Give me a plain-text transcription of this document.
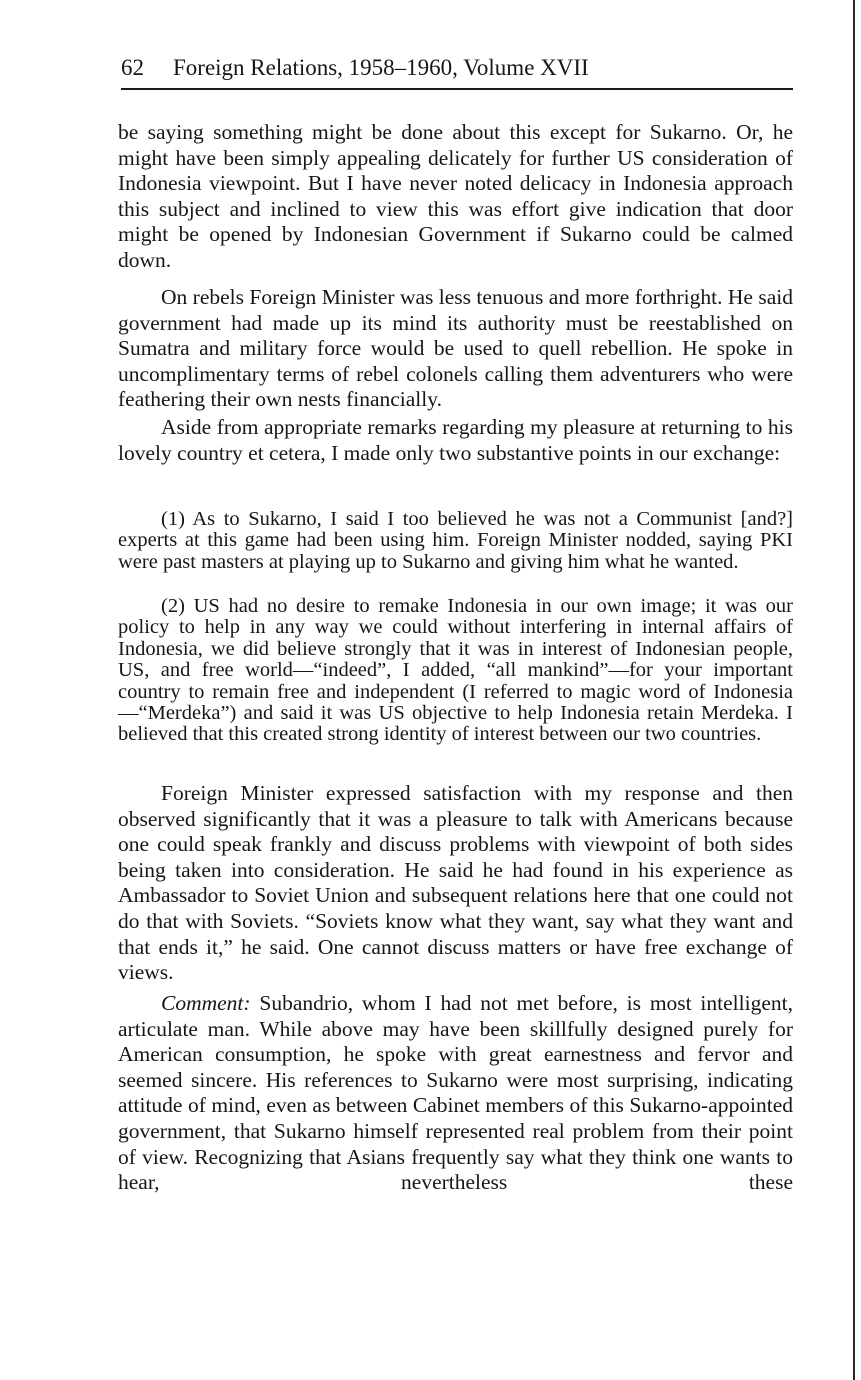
62 Foreign Relations, 1958–1960, Volume XVII

be saying something might be done about this except for Sukarno. Or, he might have been simply appealing delicately for further US consideration of Indonesia viewpoint. But I have never noted delicacy in Indonesia approach this subject and inclined to view this was effort give indication that door might be opened by Indonesian Government if Sukarno could be calmed down.

On rebels Foreign Minister was less tenuous and more forthright. He said government had made up its mind its authority must be reestablished on Sumatra and military force would be used to quell rebellion. He spoke in uncomplimentary terms of rebel colonels calling them adventurers who were feathering their own nests financially.

Aside from appropriate remarks regarding my pleasure at returning to his lovely country et cetera, I made only two substantive points in our exchange:

(1) As to Sukarno, I said I too believed he was not a Communist [and?] experts at this game had been using him. Foreign Minister nodded, saying PKI were past masters at playing up to Sukarno and giving him what he wanted.

(2) US had no desire to remake Indonesia in our own image; it was our policy to help in any way we could without interfering in internal affairs of Indonesia, we did believe strongly that it was in interest of Indonesian people, US, and free world—“indeed”, I added, “all mankind”—for your important country to remain free and independent (I referred to magic word of Indonesia—“Merdeka”) and said it was US objective to help Indonesia retain Merdeka. I believed that this created strong identity of interest between our two countries.

Foreign Minister expressed satisfaction with my response and then observed significantly that it was a pleasure to talk with Americans because one could speak frankly and discuss problems with viewpoint of both sides being taken into consideration. He said he had found in his experience as Ambassador to Soviet Union and subsequent relations here that one could not do that with Soviets. “Soviets know what they want, say what they want and that ends it,” he said. One cannot discuss matters or have free exchange of views.

Comment: Subandrio, whom I had not met before, is most intelligent, articulate man. While above may have been skillfully designed purely for American consumption, he spoke with great earnestness and fervor and seemed sincere. His references to Sukarno were most surprising, indicating attitude of mind, even as between Cabinet members of this Sukarno-appointed government, that Sukarno himself represented real problem from their point of view. Recognizing that Asians frequently say what they think one wants to hear, nevertheless these
